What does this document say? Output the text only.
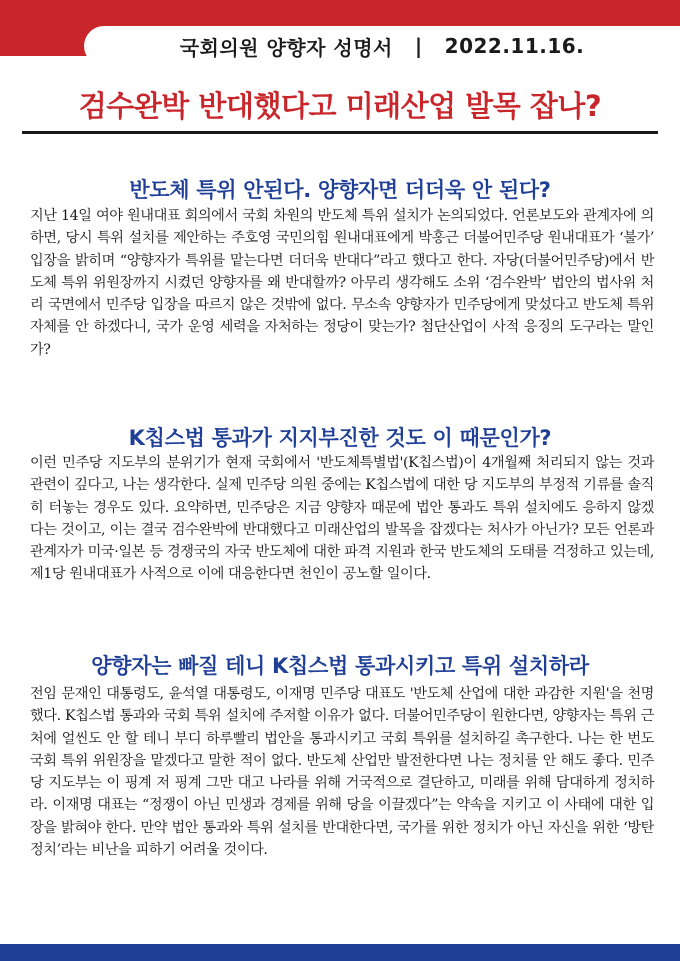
국회의원 양향자 성명서 | 2022.11.16.
검수완박 반대했다고 미래산업 발목 잡나?
반도체 특위 안된다. 양향자면 더더욱 안 된다?

지난 14일 여야 원내대표 회의에서 국회 차원의 반도체 특위 설치가 논의되었다. 언론보도와 관계자에 의하면, 당시 특위 설치를 제안하는 주호영 국민의힘 원내대표에게 박홍근 더불어민주당 원내대표가 ‘불가’ 입장을 밝히며 “양향자가 특위를 맡는다면 더더욱 반대다”라고 했다고 한다. 자당(더불어민주당)에서 반도체 특위 위원장까지 시켰던 양향자를 왜 반대할까? 아무리 생각해도 소위 ‘검수완박’ 법안의 법사위 처리 국면에서 민주당 입장을 따르지 않은 것밖에 없다. 무소속 양향자가 민주당에게 맞섰다고 반도체 특위 자체를 안 하겠다니, 국가 운영 세력을 자처하는 정당이 맞는가? 첨단산업이 사적 응징의 도구라는 말인가?

K칩스법 통과가 지지부진한 것도 이 때문인가?

이런 민주당 지도부의 분위기가 현재 국회에서 '반도체특별법'(K칩스법)이 4개월째 처리되지 않는 것과 관련이 깊다고, 나는 생각한다. 실제 민주당 의원 중에는 K칩스법에 대한 당 지도부의 부정적 기류를 솔직히 터놓는 경우도 있다. 요약하면, 민주당은 지금 양향자 때문에 법안 통과도 특위 설치에도 응하지 않겠다는 것이고, 이는 결국 검수완박에 반대했다고 미래산업의 발목을 잡겠다는 처사가 아닌가? 모든 언론과 관계자가 미국·일본 등 경쟁국의 자국 반도체에 대한 파격 지원과 한국 반도체의 도태를 걱정하고 있는데, 제1당 원내대표가 사적으로 이에 대응한다면 천인이 공노할 일이다.

양향자는 빠질 테니 K칩스법 통과시키고 특위 설치하라

전임 문재인 대통령도, 윤석열 대통령도, 이재명 민주당 대표도 '반도체 산업에 대한 과감한 지원'을 천명했다. K칩스법 통과와 국회 특위 설치에 주저할 이유가 없다. 더불어민주당이 원한다면, 양향자는 특위 근처에 얼씬도 안 할 테니 부디 하루빨리 법안을 통과시키고 국회 특위를 설치하길 촉구한다. 나는 한 번도 국회 특위 위원장을 맡겠다고 말한 적이 없다. 반도체 산업만 발전한다면 나는 정치를 안 해도 좋다. 민주당 지도부는 이 핑계 저 핑계 그만 대고 나라를 위해 거국적으로 결단하고, 미래를 위해 담대하게 정치하라. 이재명 대표는 “정쟁이 아닌 민생과 경제를 위해 당을 이끌겠다”는 약속을 지키고 이 사태에 대한 입장을 밝혀야 한다. 만약 법안 통과와 특위 설치를 반대한다면, 국가를 위한 정치가 아닌 자신을 위한 ‘방탄 정치’라는 비난을 피하기 어려울 것이다.
